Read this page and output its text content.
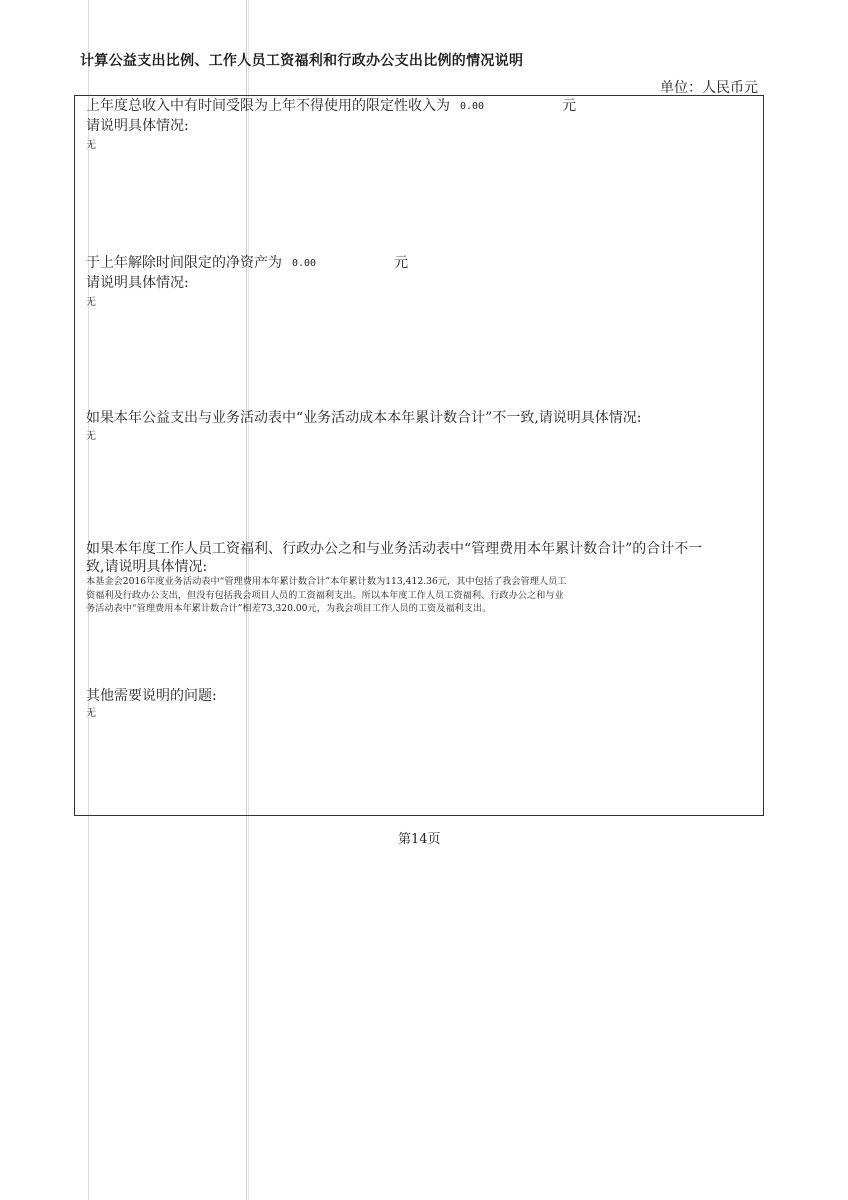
计算公益支出比例、工作人员工资福利和行政办公支出比例的情况说明
单位：人民币元
上年度总收入中有时间受限为上年不得使用的限定性收入为 0.00	元
请说明具体情况:
无
于上年解除时间限定的净资产为 0.00	元
请说明具体情况:
无
如果本年公益支出与业务活动表中“业务活动成本本年累计数合计”不一致,请说明具体情况:
无
如果本年度工作人员工资福利、行政办公之和与业务活动表中“管理费用本年累计数合计”的合计不一
致,请说明具体情况:
本基金会2016年度业务活动表中“管理费用本年累计数合计”本年累计数为113,412.36元，其中包括了我会管理人员工
资福利及行政办公支出，但没有包括我会项目人员的工资福利支出。所以本年度工作人员工资福利、行政办公之和与业
务活动表中“管理费用本年累计数合计”相差73,320.00元，为我会项目工作人员的工资及福利支出。
其他需要说明的问题:
无
第14页
